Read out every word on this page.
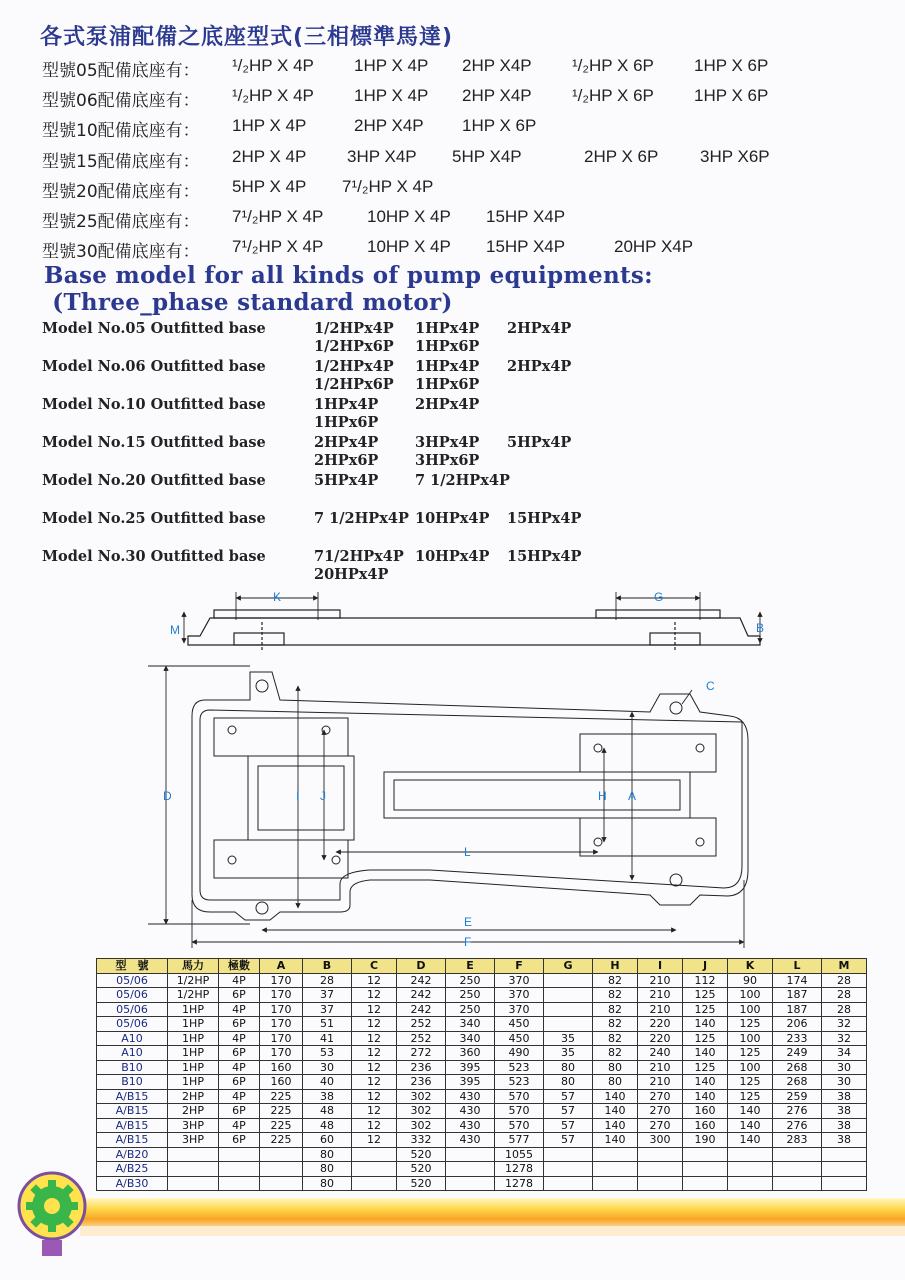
各式泵浦配備之底座型式(三相標準馬達)
型號05配備底座有： ¹/₂HP X 4P 1HP X 4P 2HP X4P ¹/₂HP X 6P 1HP X 6P
型號06配備底座有： ¹/₂HP X 4P 1HP X 4P 2HP X4P ¹/₂HP X 6P 1HP X 6P
型號10配備底座有： 1HP X 4P	2HP X4P 1HP X 6P
型號15配備底座有： 2HP X 4P 3HP X4P 5HP X4P	2HP X 6P 3HP X6P
型號20配備底座有： 5HP X 4P 7¹/₂HP X 4P
型號25配備底座有： 7¹/₂HP X 4P	10HP X 4P 15HP X4P
型號30配備底座有： 7¹/₂HP X 4P	10HP X 4P 15HP X4P	20HP X4P
Base model for all kinds of pump equipments:
(Three_phase standard motor)
Model No.05 Outfitted base	1/2HPx4P 1HPx4P 2HPx4P
1/2HPx6P 1HPx6P
Model No.06 Outfitted base	1/2HPx4P 1HPx4P 2HPx4P
1/2HPx6P 1HPx6P
Model No.10 Outfitted base	1HPx4P	2HPx4P
1HPx6P
Model No.15 Outfitted base	2HPx4P	3HPx4P 5HPx4P
2HPx6P	3HPx6P
Model No.20 Outfitted base	5HPx4P	7 1/2HPx4P
Model No.25 Outfitted base	7 1/2HPx4P 10HPx4P 15HPx4P
Model No.30 Outfitted base	71/2HPx4P 10HPx4P 15HPx4P
20HPx4P
K	G
M	B
C
D	I J	H A
L
E
F
型　號	馬力	極數	A	B	C	D	E	F	G	H	I	J	K	L	M
05/06	1/2HP	4P	170	28	12	242	250	370		82	210	112	90	174	28
05/06	1/2HP	6P	170	37	12	242	250	370		82	210	125	100	187	28
05/06	1HP	4P	170	37	12	242	250	370		82	210	125	100	187	28
05/06	1HP	6P	170	51	12	252	340	450		82	220	140	125	206	32
A10	1HP	4P	170	41	12	252	340	450	35	82	220	125	100	233	32
A10	1HP	6P	170	53	12	272	360	490	35	82	240	140	125	249	34
B10	1HP	4P	160	30	12	236	395	523	80	80	210	125	100	268	30
B10	1HP	6P	160	40	12	236	395	523	80	80	210	140	125	268	30
A/B15	2HP	4P	225	38	12	302	430	570	57	140	270	140	125	259	38
A/B15	2HP	6P	225	48	12	302	430	570	57	140	270	160	140	276	38
A/B15	3HP	4P	225	48	12	302	430	570	57	140	270	160	140	276	38
A/B15	3HP	6P	225	60	12	332	430	577	57	140	300	190	140	283	38
A/B20				80		520		1055							
A/B25				80		520		1278							
A/B30				80		520		1278							
